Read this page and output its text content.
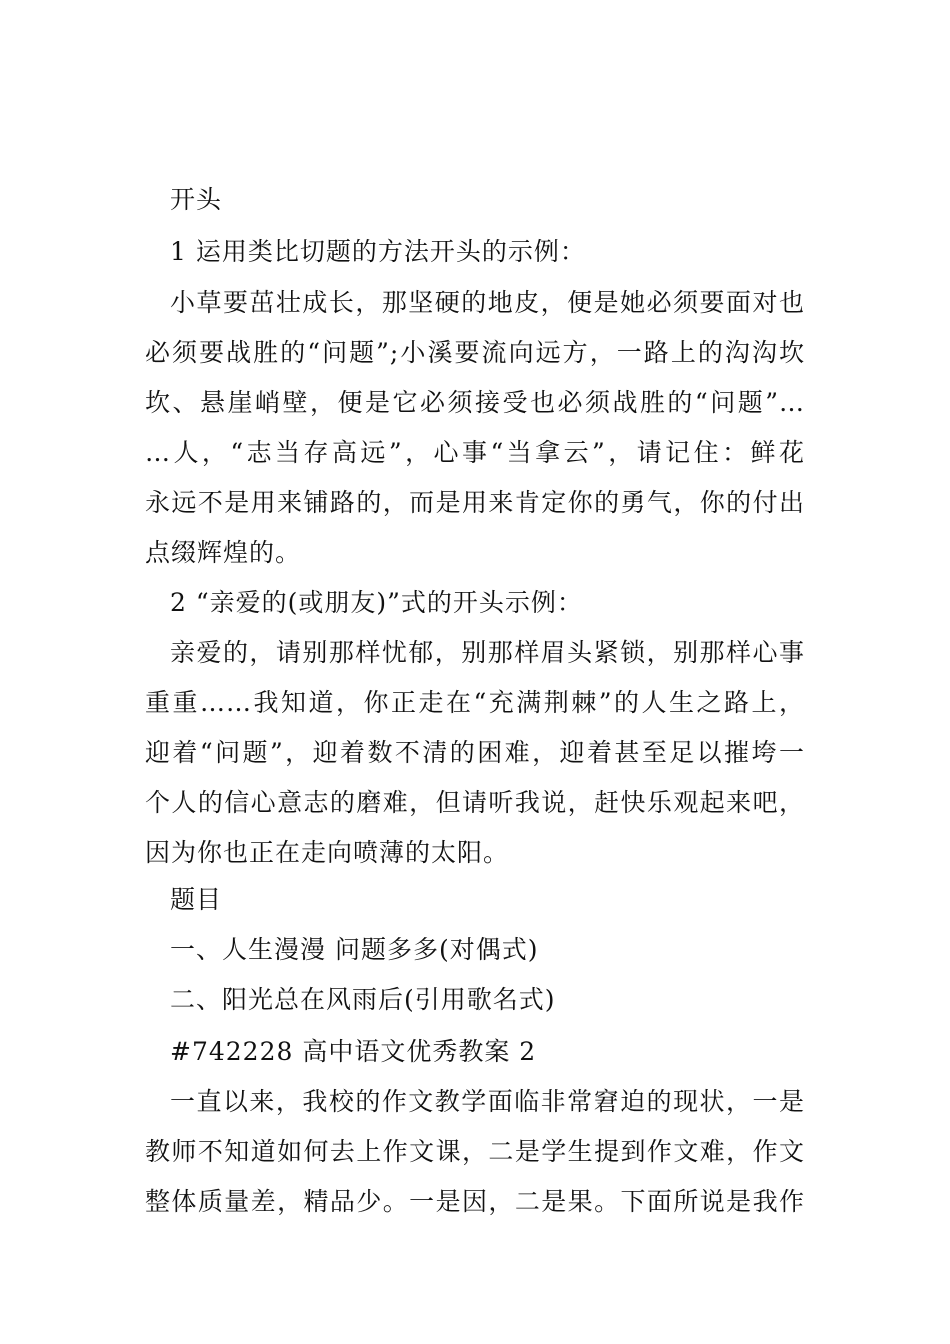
开头
1 运用类比切题的方法开头的示例：
小草要茁壮成长，那坚硬的地皮，便是她必须要面对也
必须要战胜的“问题”;小溪要流向远方，一路上的沟沟坎
坎、悬崖峭壁，便是它必须接受也必须战胜的“问题”…
…人，“志当存高远”，心事“当拿云”，请记住：鲜花
永远不是用来铺路的，而是用来肯定你的勇气，你的付出
点缀辉煌的。
2 “亲爱的(或朋友)”式的开头示例：
亲爱的，请别那样忧郁，别那样眉头紧锁，别那样心事
重重……我知道，你正走在“充满荆棘”的人生之路上，
迎着“问题”，迎着数不清的困难，迎着甚至足以摧垮一
个人的信心意志的磨难，但请听我说，赶快乐观起来吧，
因为你也正在走向喷薄的太阳。
题目
一、人生漫漫 问题多多(对偶式)
二、阳光总在风雨后(引用歌名式)
#742228 高中语文优秀教案 2
一直以来，我校的作文教学面临非常窘迫的现状，一是
教师不知道如何去上作文课，二是学生提到作文难，作文
整体质量差，精品少。一是因，二是果。下面所说是我作
